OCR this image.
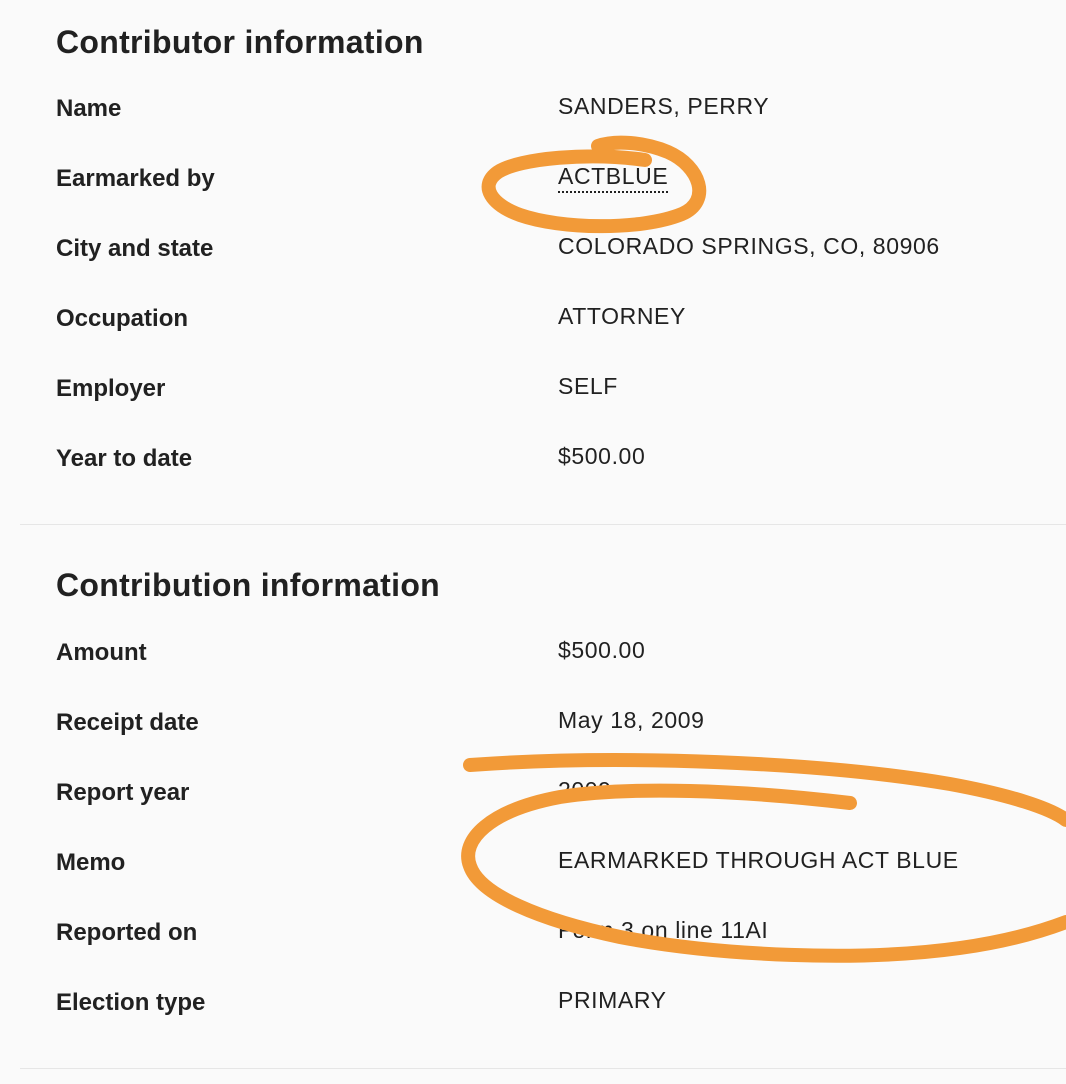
Contributor information
Name	SANDERS, PERRY
Earmarked by	ACTBLUE
City and state	COLORADO SPRINGS, CO, 80906
Occupation	ATTORNEY
Employer	SELF
Year to date	$500.00
Contribution information
Amount	$500.00
Receipt date	May 18, 2009
Report year	2009
Memo	EARMARKED THROUGH ACT BLUE
Reported on	Form 3 on line 11AI
Election type	PRIMARY
